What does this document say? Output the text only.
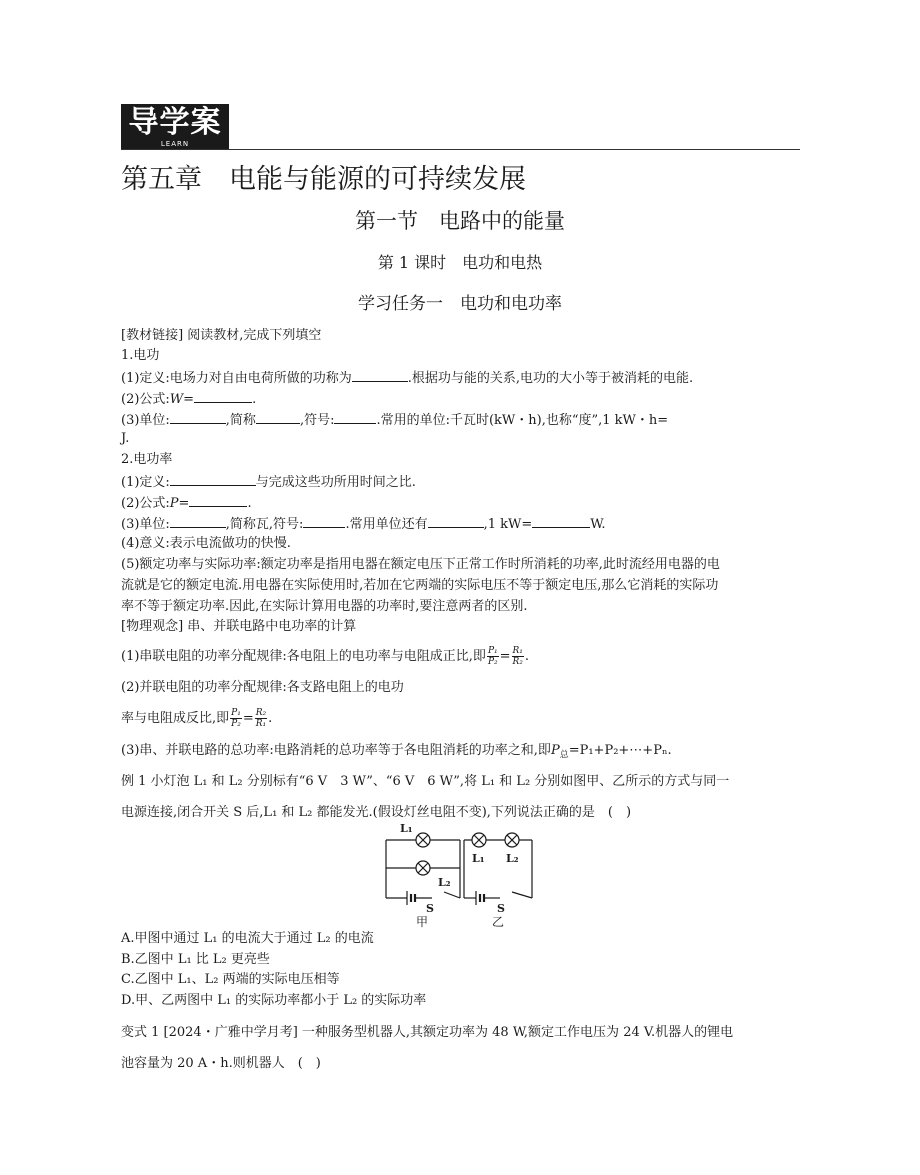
导学案
LEARN
第五章　电能与能源的可持续发展
第一节　电路中的能量
第 1 课时　电功和电热
学习任务一　电功和电功率
[教材链接] 阅读教材,完成下列填空
1.电功
(1)定义:电场力对自由电荷所做的功称为	.根据功与能的关系,电功的大小等于被消耗的电能.
(2)公式:W=	.
(3)单位:	,简称	,符号:	.常用的单位:千瓦时(kW・h),也称“度”,1 kW・h=
J.
2.电功率
(1)定义:	与完成这些功所用时间之比.
(2)公式:P=	.
(3)单位:	,简称瓦,符号:	.常用单位还有	,1 kW=	W.
(4)意义:表示电流做功的快慢.
(5)额定功率与实际功率:额定功率是指用电器在额定电压下正常工作时所消耗的功率,此时流经用电器的电
流就是它的额定电流.用电器在实际使用时,若加在它两端的实际电压不等于额定电压,那么它消耗的实际功
率不等于额定功率.因此,在实际计算用电器的功率时,要注意两者的区别.
[物理观念] 串、并联电路中电功率的计算
(1)串联电阻的功率分配规律:各电阻上的电功率与电阻成正比,即 $\frac{\text{P₁}}{\text{P₂}} = \frac{\text{R₁}}{\text{R₂}}$ .
(2)并联电阻的功率分配规律:各支路电阻上的电功
率与电阻成反比,即 $\frac{\text{P₁}}{\text{P₂}} = \frac{\text{R₂}}{\text{R₁}}$ .
(3)串、并联电路的总功率:电路消耗的总功率等于各电阻消耗的功率之和,即$P_总=P_1+P_2+\cdots+P_n$.
例 1 小灯泡 L₁ 和 L₂ 分别标有“6 V　3 W”、“6 V　6 W”,将 L₁ 和 L₂ 分别如图甲、乙所示的方式与同一
电源连接,闭合开关 S 后,L₁ 和 L₂ 都能发光.(假设灯丝电阻不变),下列说法正确的是　(　)
L₁
L₂
S
甲
L₁ L₂
S
乙
A.甲图中通过 L₁ 的电流大于通过 L₂ 的电流
B.乙图中 L₁ 比 L₂ 更亮些
C.乙图中 L₁、L₂ 两端的实际电压相等
D.甲、乙两图中 L₁ 的实际功率都小于 L₂ 的实际功率
变式 1 [2024・广雅中学月考] 一种服务型机器人,其额定功率为 48 W,额定工作电压为 24 V.机器人的锂电
池容量为 20 A・h.则机器人　(　)
